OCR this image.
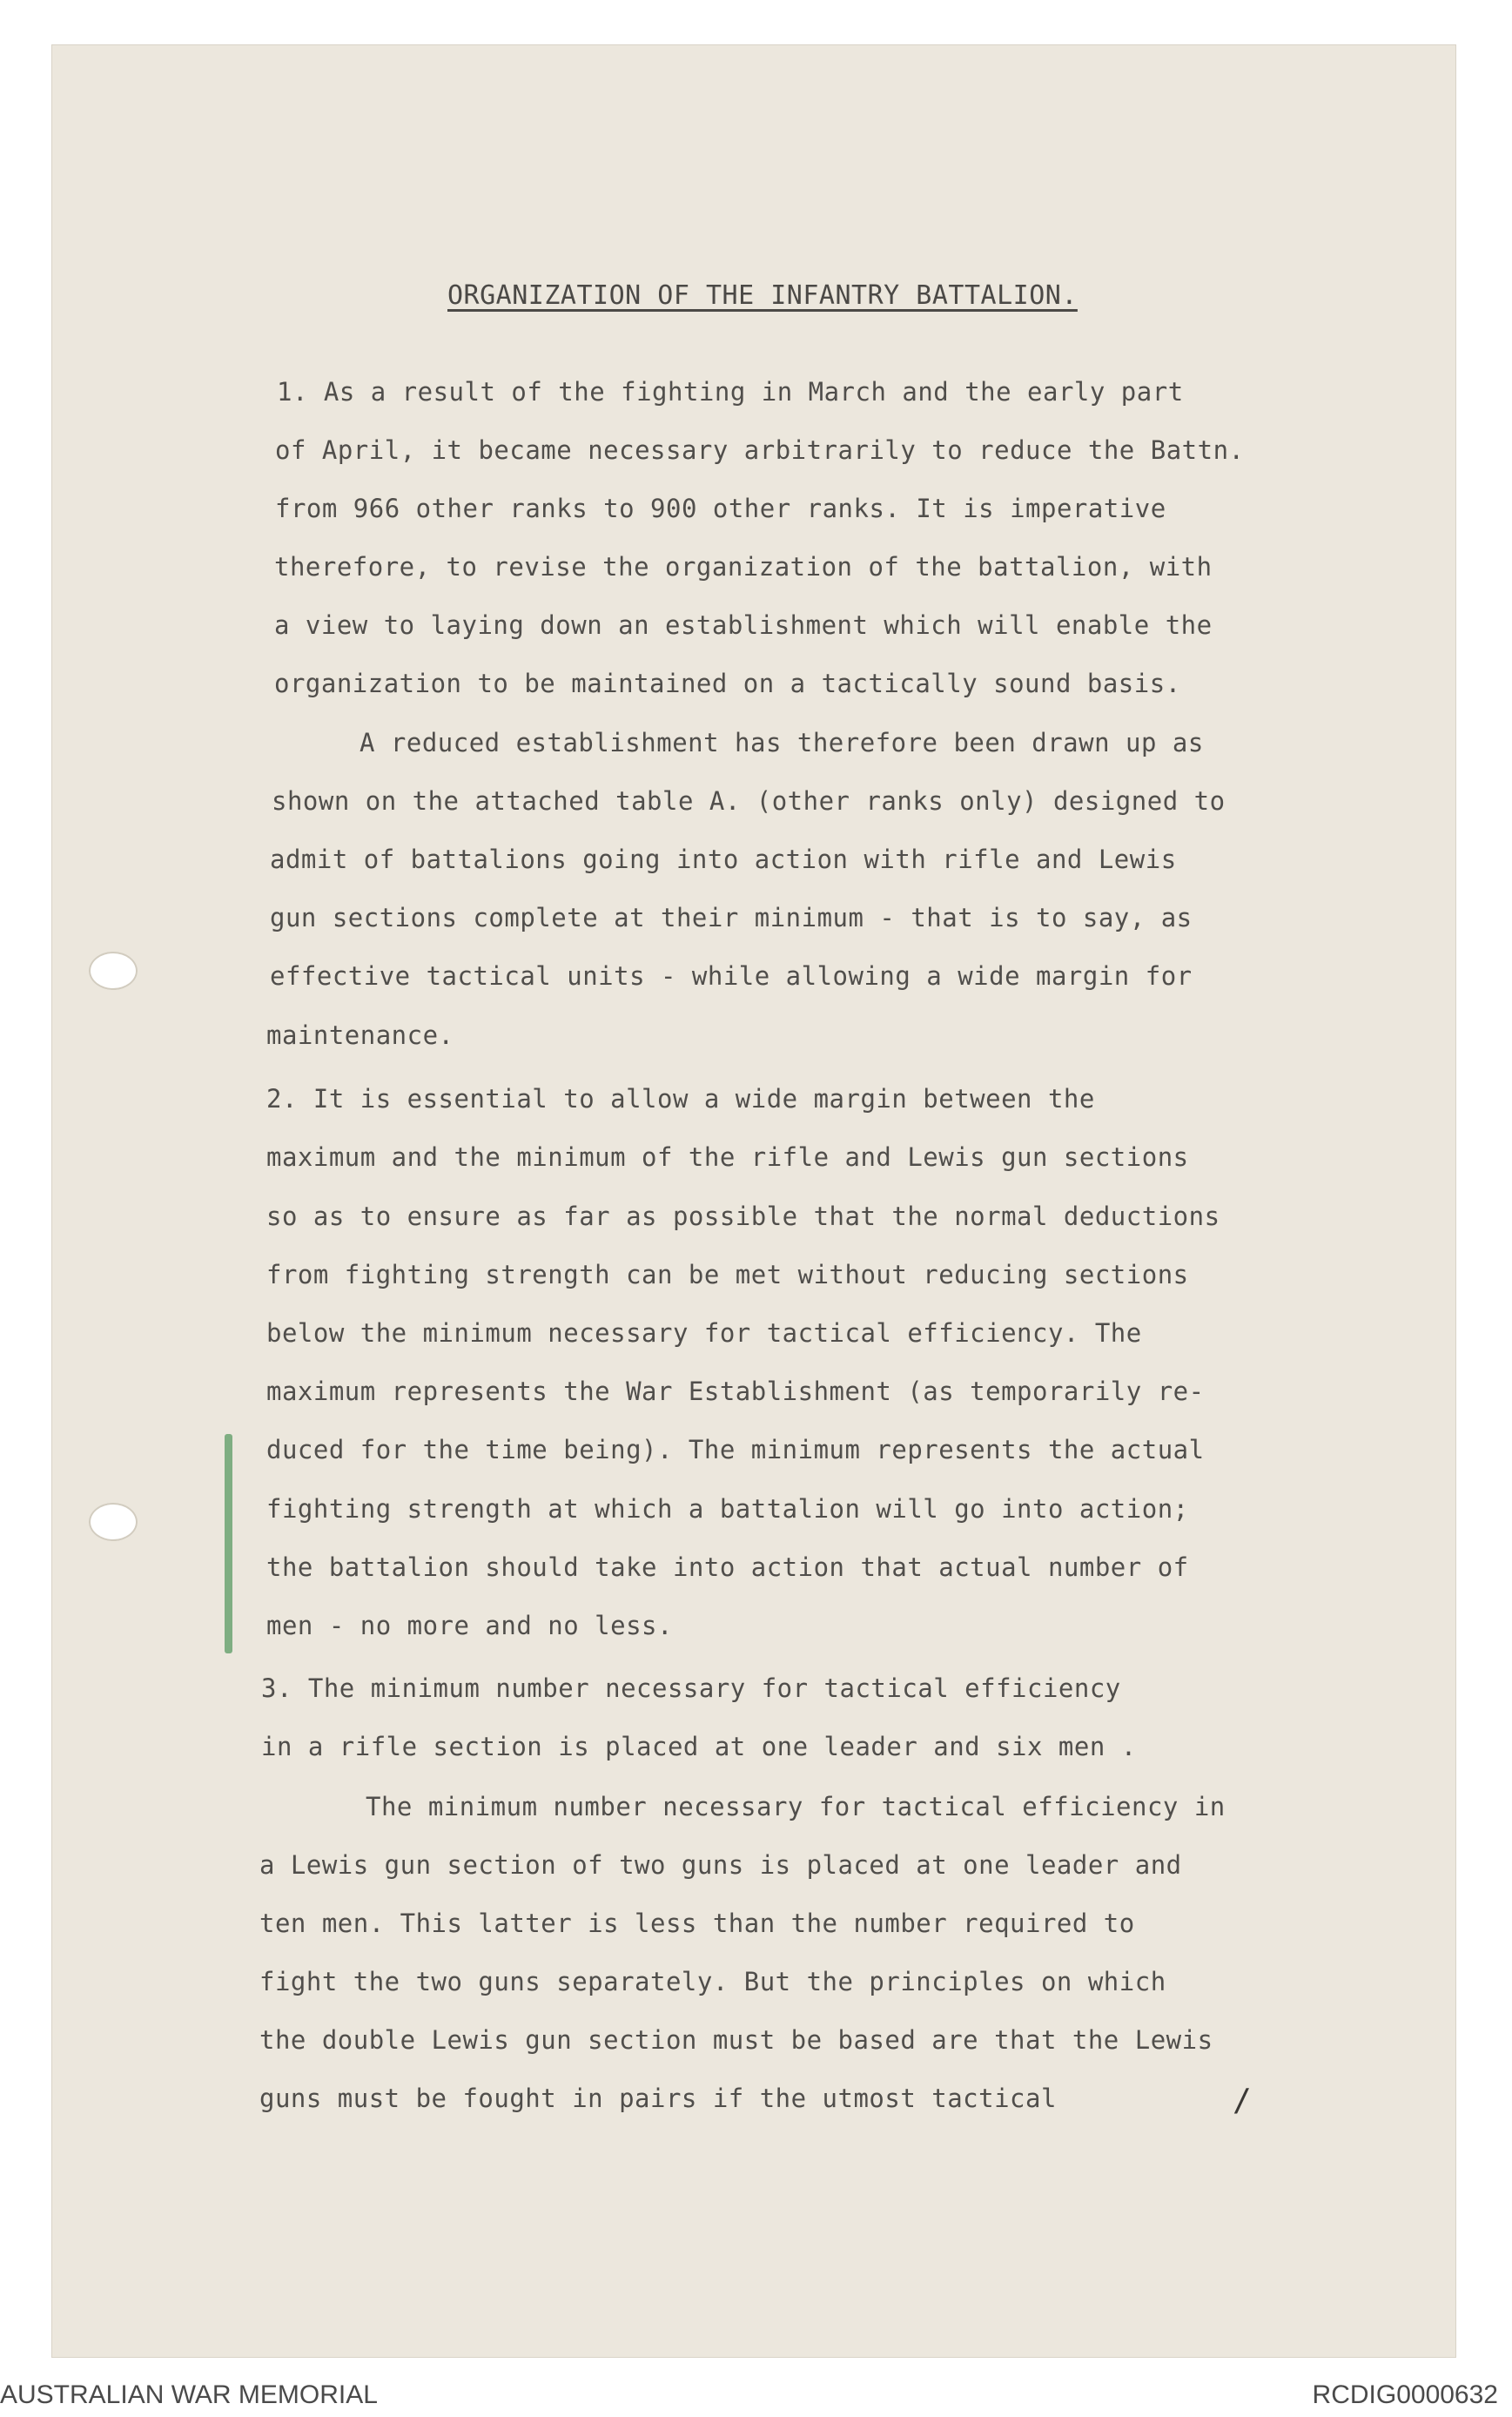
ORGANIZATION OF THE INFANTRY BATTALION.

1. As a result of the fighting in March and the early part

of April, it became necessary arbitrarily to reduce the Battn.

from 966 other ranks to 900 other ranks. It is imperative

therefore, to revise the organization of the battalion, with

a view to laying down an establishment which will enable the

organization to be maintained on a tactically sound basis.

A reduced establishment has therefore been drawn up as

shown on the attached table A. (other ranks only) designed to

admit of battalions going into action with rifle and Lewis

gun sections complete at their minimum - that is to say, as

effective tactical units - while allowing a wide margin for

maintenance.

2. It is essential to allow a wide margin between the

maximum and the minimum of the rifle and Lewis gun sections

so as to ensure as far as possible that the normal deductions

from fighting strength can be met without reducing sections

below the minimum necessary for tactical efficiency. The

maximum represents the War Establishment (as temporarily re-

duced for the time being). The minimum represents the actual

fighting strength at which a battalion will go into action;

the battalion should take into action that actual number of

men - no more and no less.

3. The minimum number necessary for tactical efficiency

in a rifle section is placed at one leader and six men .

The minimum number necessary for tactical efficiency in

a Lewis gun section of two guns is placed at one leader and

ten men. This latter is less than the number required to

fight the two guns separately. But the principles on which

the double Lewis gun section must be based are that the Lewis

guns must be fought in pairs if the utmost tactical	/

AUSTRALIAN WAR MEMORIAL	RCDIG0000632
